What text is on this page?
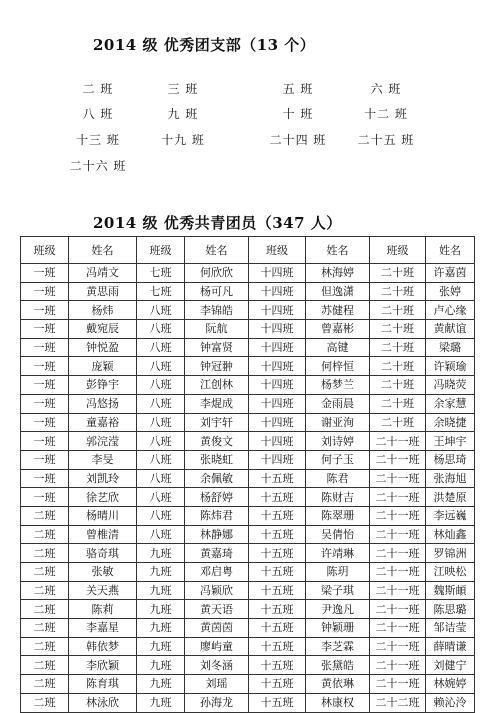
2014 级 优秀团支部（13 个）
二 班	三 班	五 班	六 班
八 班	九 班	十 班	十二 班
十三 班	十九 班	二十四 班	二十五 班
二十六 班
2014 级 优秀共青团员（347 人）
班级	姓名	班级	姓名	班级	姓名	班级	姓名
一班	冯靖文	七班	何欣欣	十四班	林海婷	二十班	许嘉茵
一班	黄思雨	七班	杨可凡	十四班	但逸潇	二十班	张婷
一班	杨炜	八班	李锦皓	十四班	苏健程	二十班	卢心缘
一班	戴宛辰	八班	阮航	十四班	曾嘉彬	二十班	黄献谊
一班	钟悦盈	八班	钟富贤	十四班	高键	二十班	梁璐
一班	庞颖	八班	钟冠翀	十四班	何梓恒	二十班	许颖瑜
一班	彭铮宇	八班	江创林	十四班	杨梦兰	二十班	冯晓荧
一班	冯悠扬	八班	李焜成	十四班	金雨晨	二十班	余家慧
一班	童嘉裕	八班	刘宇轩	十四班	谢亚洵	二十班	余晓捷
一班	郭浣滢	八班	黄俊文	十四班	刘诗婷	二十一班	王坤宇
一班	李旻	八班	张晓虹	十四班	何子玉	二十一班	杨思琦
一班	刘凯玲	八班	余佩敏	十五班	陈君	二十一班	张海旭
一班	徐艺欣	八班	杨舒婷	十五班	陈财吉	二十一班	洪楚原
二班	杨晴川	八班	陈炜君	十五班	陈翠珊	二十一班	李远巍
二班	曾椎清	八班	林静娜	十五班	吴倩怡	二十一班	林灿鑫
二班	骆奇琪	九班	黄嘉琦	十五班	许靖琳	二十一班	罗锦洲
二班	张敏	九班	邓启粤	十五班	陈玥	二十一班	江映松
二班	关天燕	九班	冯颖欣	十五班	梁子琪	二十一班	魏斯頔
二班	陈莉	九班	黄天语	十五班	尹逸凡	二十一班	陈思璐
二班	李嘉星	九班	黄茵茵	十五班	钟颖珊	二十一班	邹诘莹
二班	韩依梦	九班	廖屿童	十五班	李芝霖	二十一班	薛晴谦
二班	李欣颖	九班	刘冬涵	十五班	张黛皓	二十一班	刘健宁
二班	陈育琪	九班	刘瑶	十五班	黄依琳	二十一班	林婉婷
二班	林泳欣	九班	孙海龙	十五班	林康权	二十二班	赖沁泠
